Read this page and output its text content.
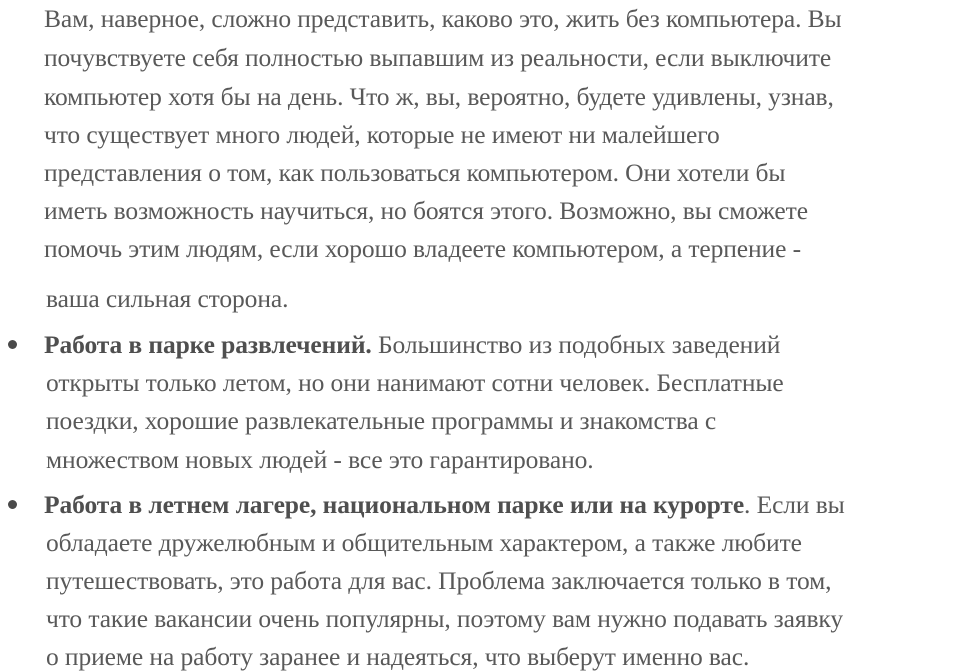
Вам, наверное, сложно представить, каково это, жить без компьютера. Вы
почувствуете себя полностью выпавшим из реальности, если выключите
компьютер хотя бы на день. Что ж, вы, вероятно, будете удивлены, узнав,
что существует много людей, которые не имеют ни малейшего
представления о том, как пользоваться компьютером. Они хотели бы
иметь возможность научиться, но боятся этого. Возможно, вы сможете
помочь этим людям, если хорошо владеете компьютером, а терпение -
ваша сильная сторона.
Работа в парке развлечений. Большинство из подобных заведений
открыты только летом, но они нанимают сотни человек. Бесплатные
поездки, хорошие развлекательные программы и знакомства с
множеством новых людей - все это гарантировано.
Работа в летнем лагере, национальном парке или на курорте. Если вы
обладаете дружелюбным и общительным характером, а также любите
путешествовать, это работа для вас. Проблема заключается только в том,
что такие вакансии очень популярны, поэтому вам нужно подавать заявку
о приеме на работу заранее и надеяться, что выберут именно вас.
